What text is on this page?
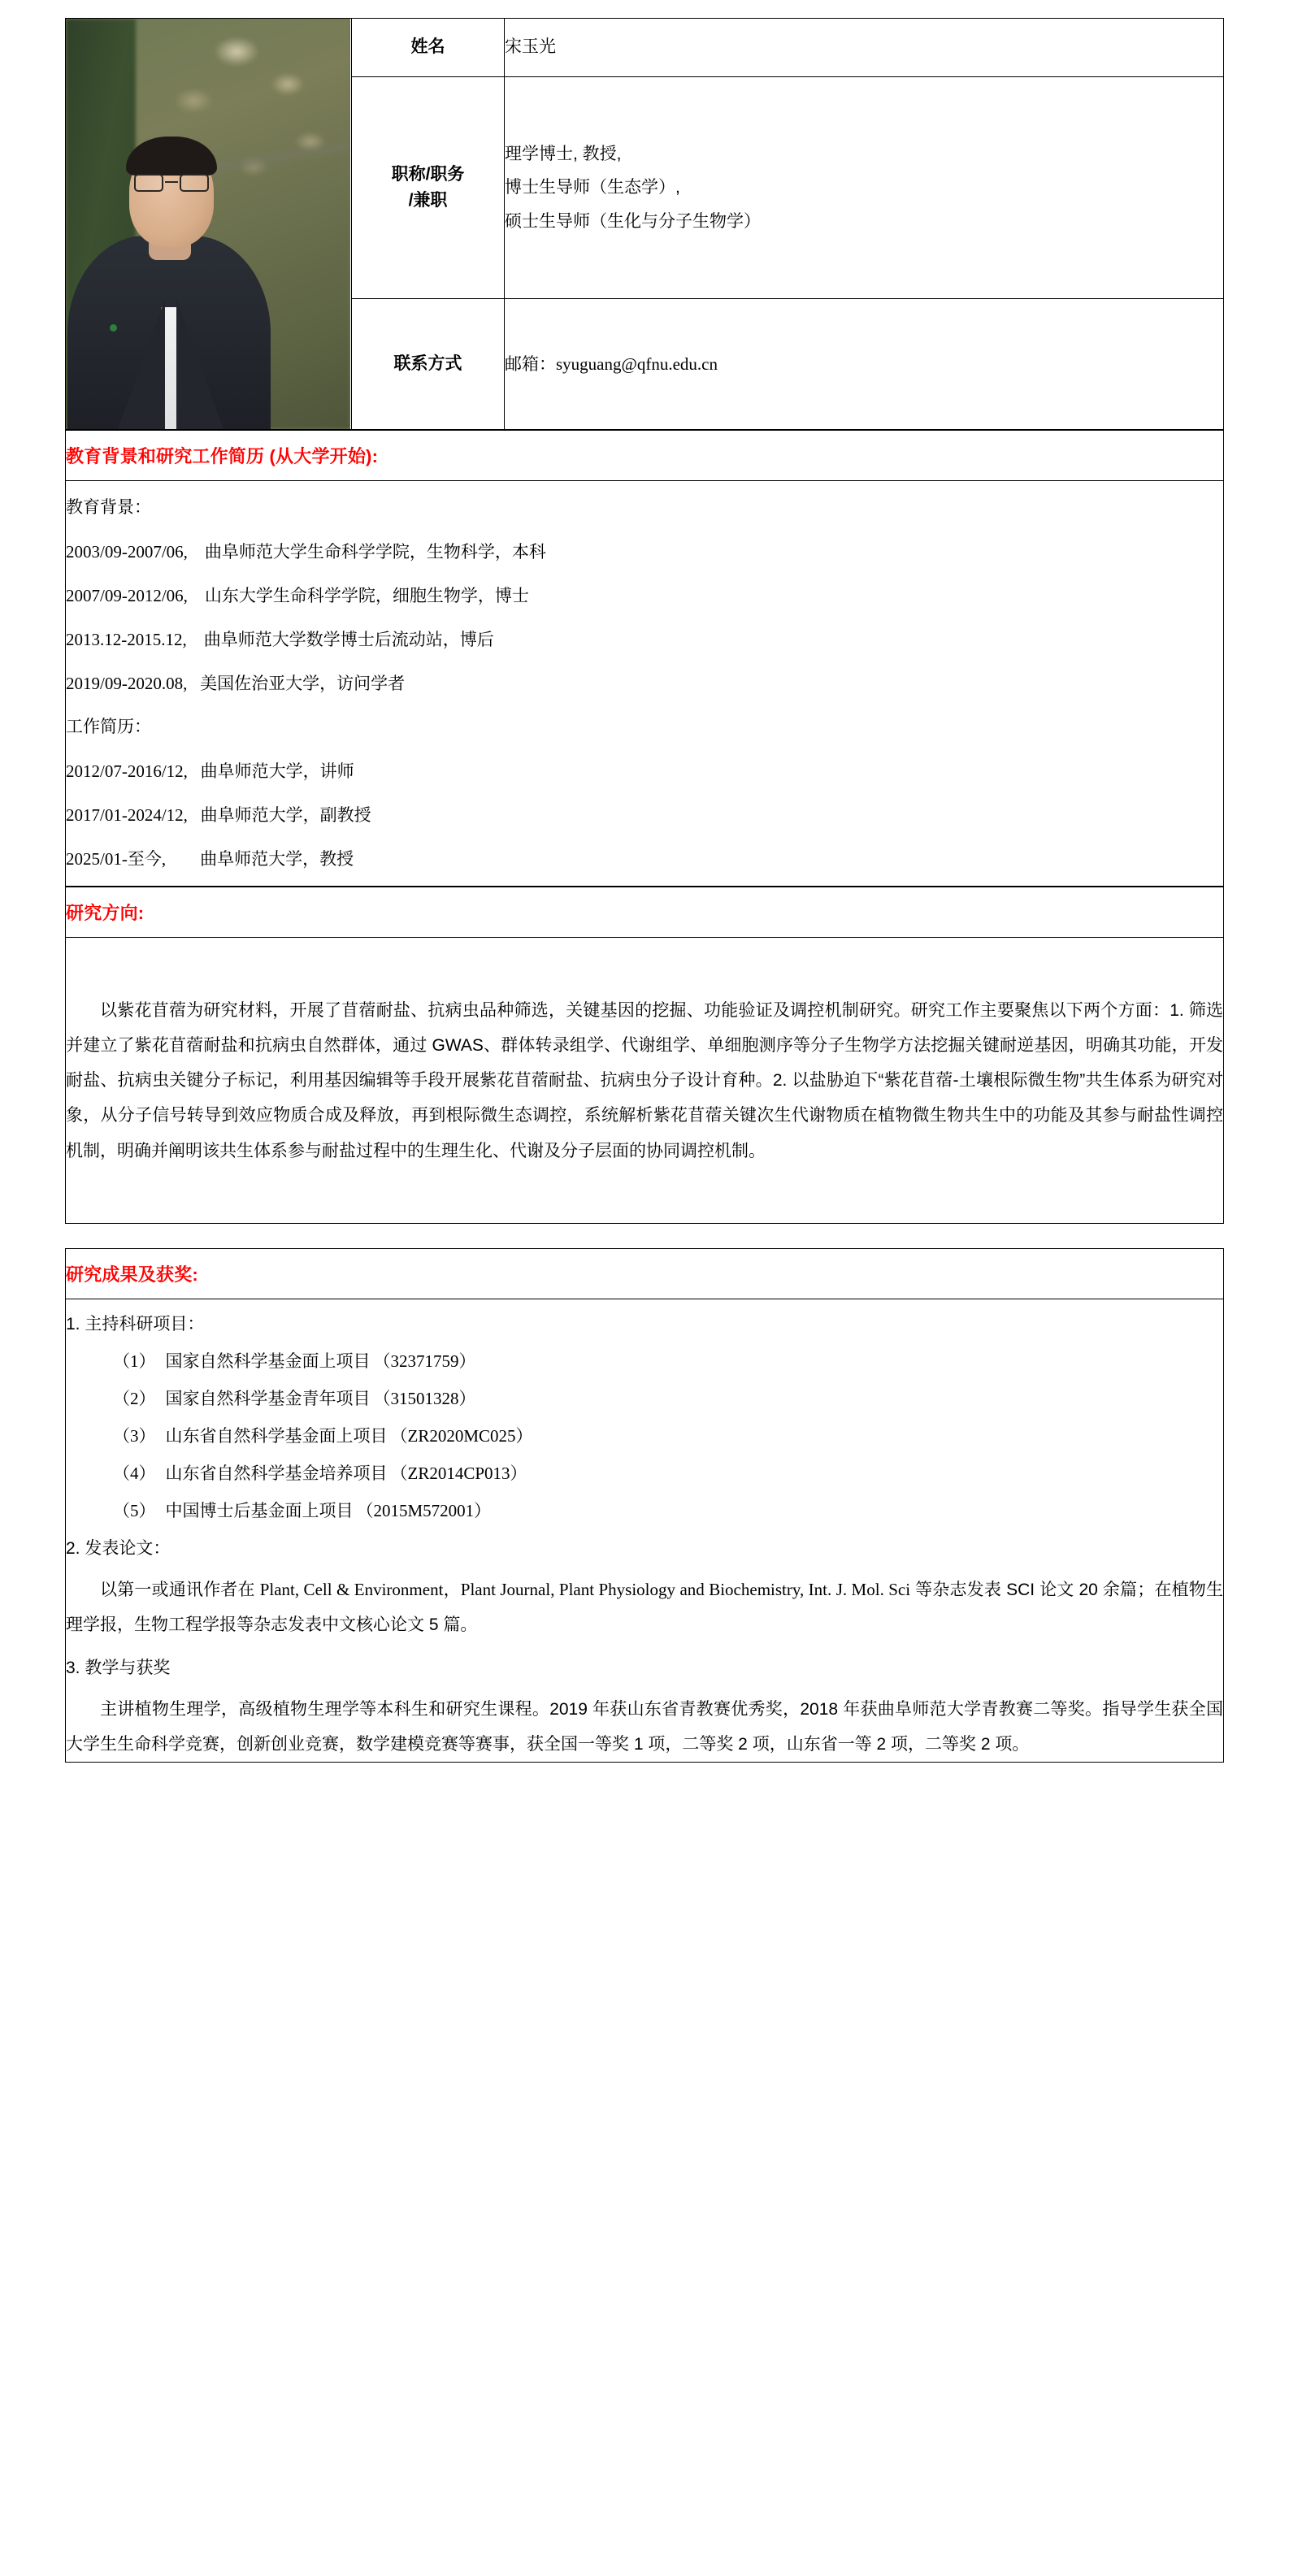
	姓名	宋玉光

	职称/职务
/兼职	理学博士, 教授,
博士生导师（生态学）,
硕士生导师（生化与分子生物学）

	联系方式	邮箱：syuguang@qfnu.edu.cn
教育背景和研究工作简历 (从大学开始):

教育背景：
2003/09-2007/06,    曲阜师范大学生命科学学院，生物科学，本科
2007/09-2012/06,    山东大学生命科学学院，细胞生物学，博士
2013.12-2015.12,    曲阜师范大学数学博士后流动站，博后
2019/09-2020.08,   美国佐治亚大学，访问学者
工作简历：
2012/07-2016/12,   曲阜师范大学，讲师
2017/01-2024/12,   曲阜师范大学，副教授
2025/01-至今,        曲阜师范大学，教授
研究方向:

以紫花苜蓿为研究材料，开展了苜蓿耐盐、抗病虫品种筛选，关键基因的挖掘、功能验证及调控机制研究。研究工作主要聚焦以下两个方面：1. 筛选并建立了紫花苜蓿耐盐和抗病虫自然群体，通过 GWAS、群体转录组学、代谢组学、单细胞测序等分子生物学方法挖掘关键耐逆基因，明确其功能，开发耐盐、抗病虫关键分子标记，利用基因编辑等手段开展紫花苜蓿耐盐、抗病虫分子设计育种。2. 以盐胁迫下“紫花苜蓿-土壤根际微生物”共生体系为研究对象，从分子信号转导到效应物质合成及释放，再到根际微生态调控，系统解析紫花苜蓿关键次生代谢物质在植物微生物共生中的功能及其参与耐盐性调控机制，明确并阐明该共生体系参与耐盐过程中的生理生化、代谢及分子层面的协同调控机制。

研究成果及获奖:

1. 主持科研项目：
（1） 国家自然科学基金面上项目 （32371759）
（2） 国家自然科学基金青年项目 （31501328）
（3） 山东省自然科学基金面上项目 （ZR2020MC025）
（4） 山东省自然科学基金培养项目 （ZR2014CP013）
（5） 中国博士后基金面上项目 （2015M572001）
2. 发表论文：

以第一或通讯作者在 Plant, Cell & Environment，Plant Journal, Plant Physiology and Biochemistry, Int. J. Mol. Sci 等杂志发表 SCI 论文 20 余篇；在植物生理学报，生物工程学报等杂志发表中文核心论文 5 篇。

3. 教学与获奖

主讲植物生理学，高级植物生理学等本科生和研究生课程。2019 年获山东省青教赛优秀奖，2018 年获曲阜师范大学青教赛二等奖。指导学生获全国大学生生命科学竞赛，创新创业竞赛，数学建模竞赛等赛事，获全国一等奖 1 项，二等奖 2 项，山东省一等 2 项，二等奖 2 项。
